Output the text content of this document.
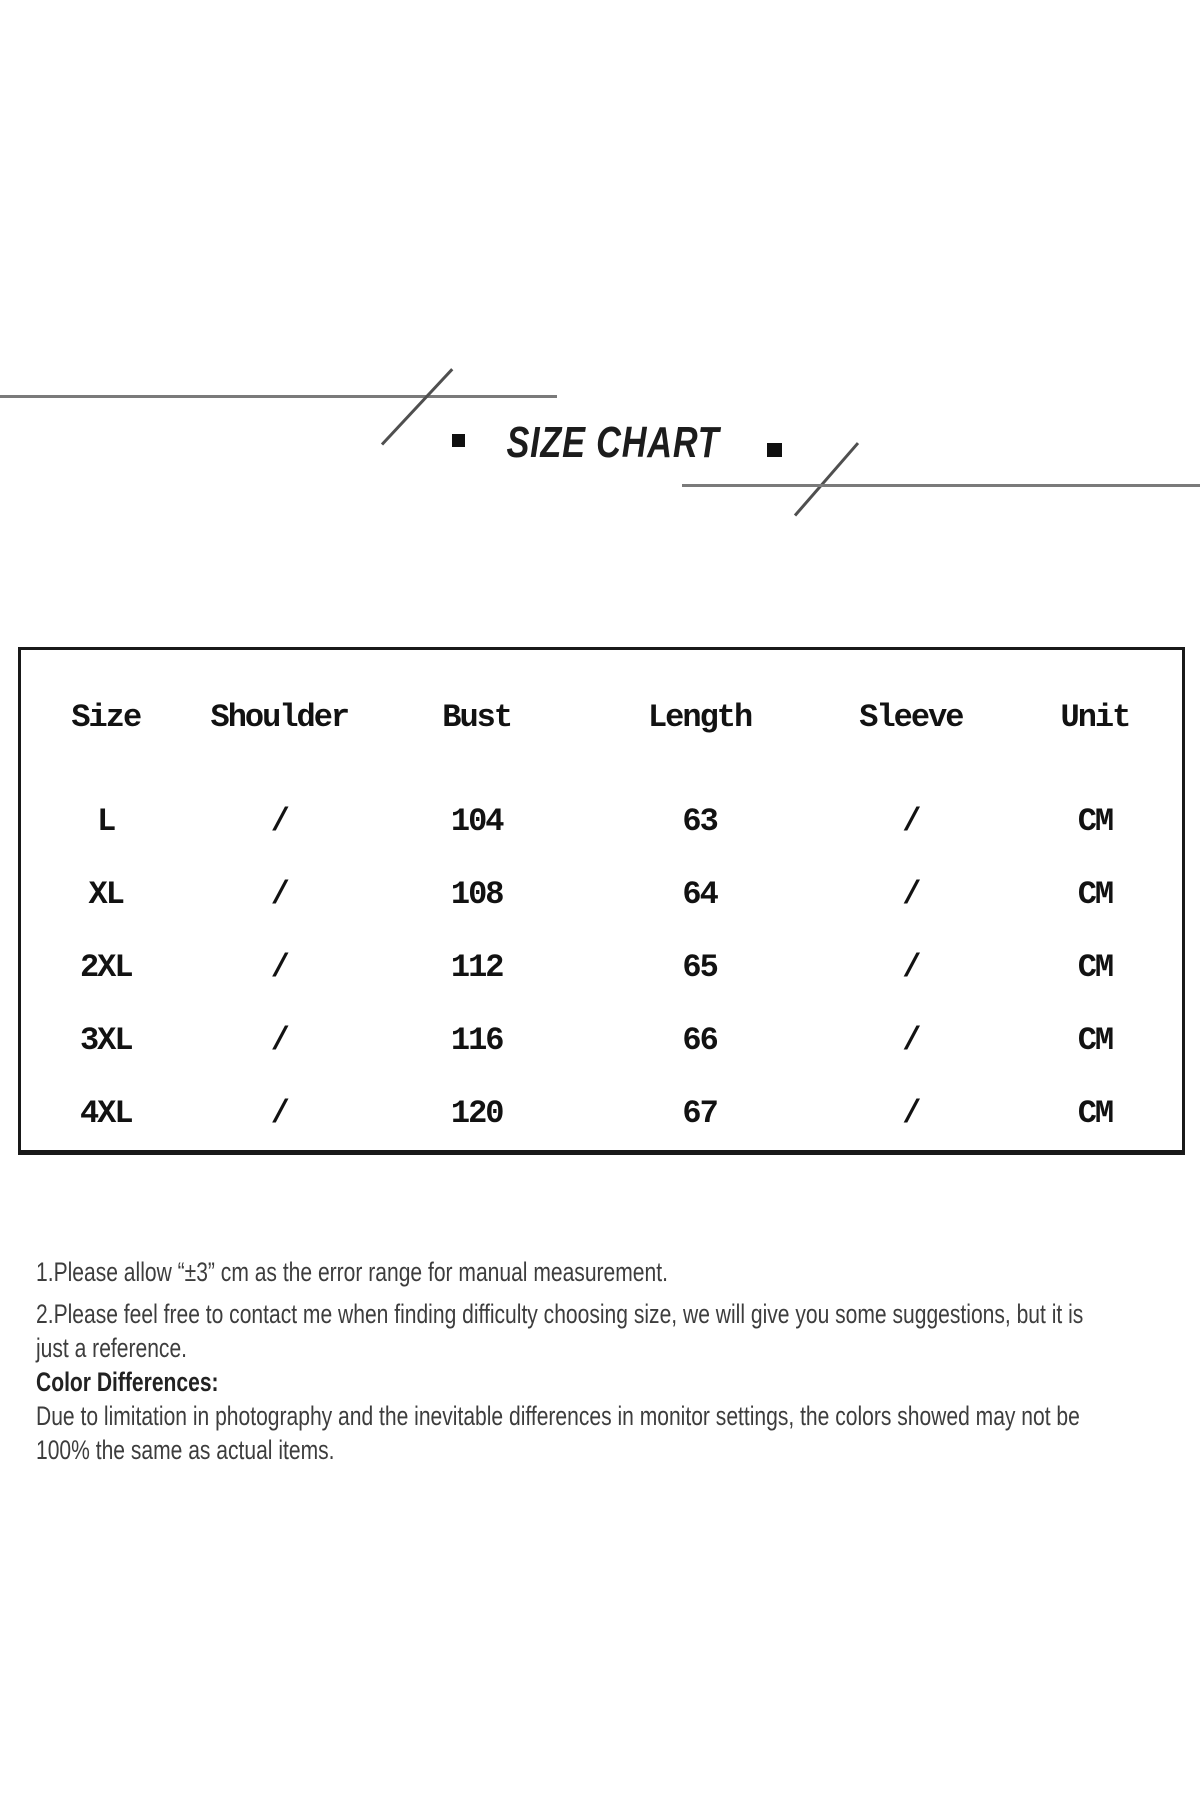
SIZE CHART
Size	Shoulder	Bust	Length	Sleeve	Unit
L	/	104	63	/	CM
XL	/	108	64	/	CM
2XL	/	112	65	/	CM
3XL	/	116	66	/	CM
4XL	/	120	67	/	CM

1.Please allow “±3” cm as the error range for manual measurement.

2.Please feel free to contact me when finding difficulty choosing size, we will give you some suggestions, but it is

just a reference.

Color Differences:

Due to limitation in photography and the inevitable differences in monitor settings, the colors showed may not be

100% the same as actual items.
